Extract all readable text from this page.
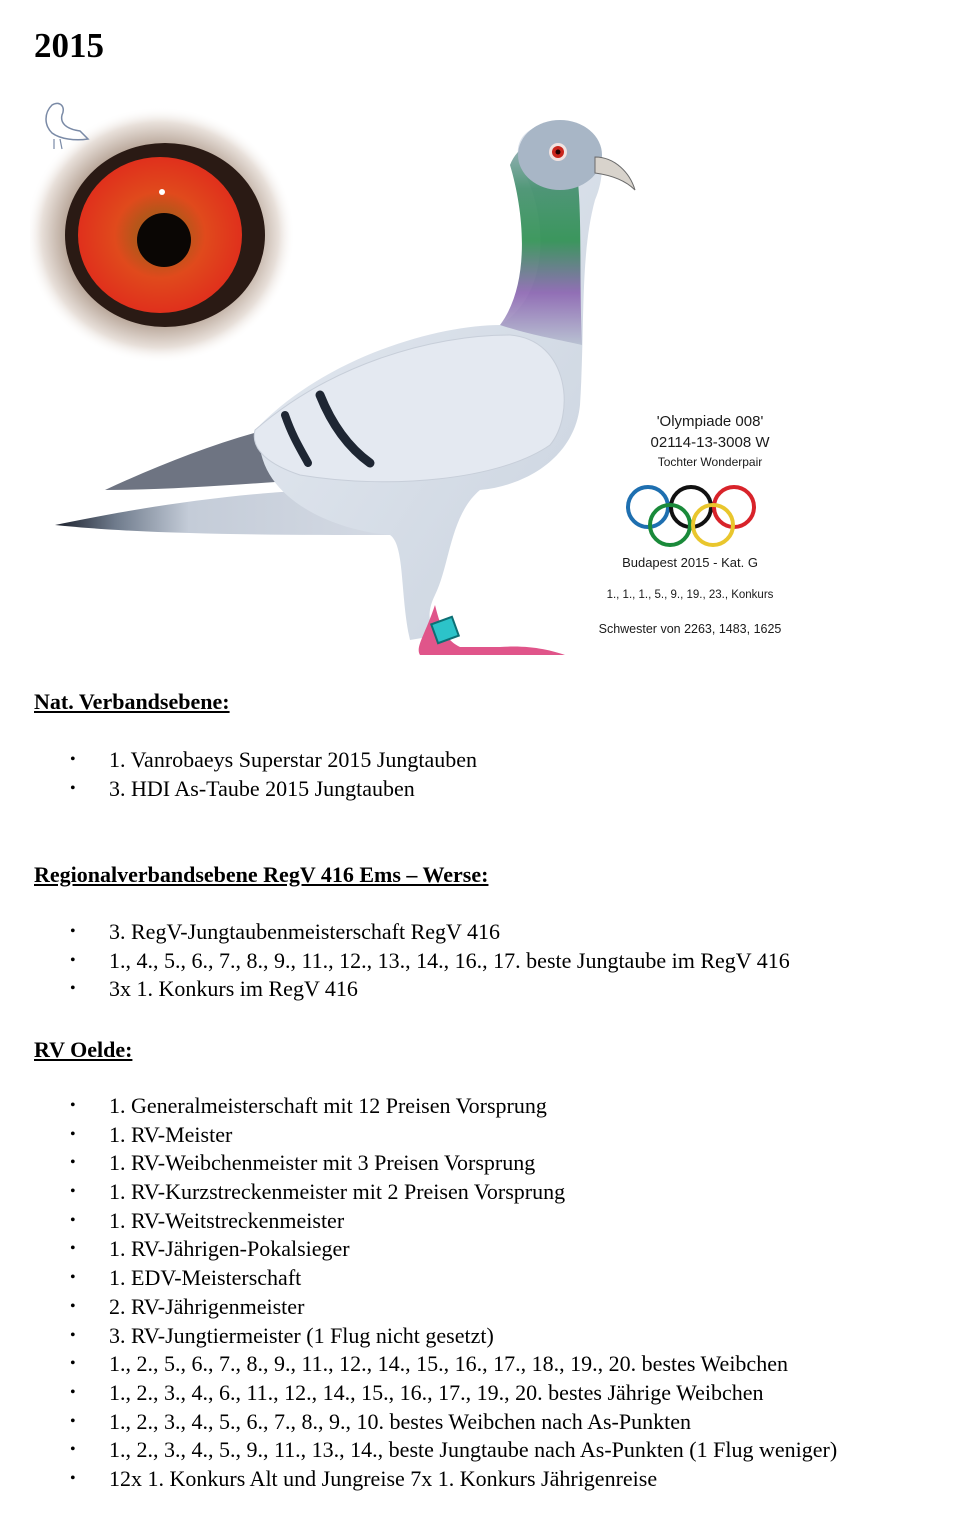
2015
'Olympiade 008'
02114-13-3008 W
Tochter Wonderpair
Budapest 2015 - Kat. G
1., 1., 1., 5., 9., 19., 23., Konkurs
Schwester von 2263, 1483, 1625
Nat. Verbandsebene:
• 1. Vanrobaeys Superstar 2015 Jungtauben
• 3. HDI As-Taube 2015 Jungtauben
Regionalverbandsebene RegV 416 Ems – Werse:
• 3. RegV-Jungtaubenmeisterschaft RegV 416
• 1., 4., 5., 6., 7., 8., 9., 11., 12., 13., 14., 16., 17. beste Jungtaube im RegV 416
• 3x 1. Konkurs im RegV 416
RV Oelde:
• 1. Generalmeisterschaft mit 12 Preisen Vorsprung
• 1. RV-Meister
• 1. RV-Weibchenmeister mit 3 Preisen Vorsprung
• 1. RV-Kurzstreckenmeister mit 2 Preisen Vorsprung
• 1. RV-Weitstreckenmeister
• 1. RV-Jährigen-Pokalsieger
• 1. EDV-Meisterschaft
• 2. RV-Jährigenmeister
• 3. RV-Jungtiermeister (1 Flug nicht gesetzt)
• 1., 2., 5., 6., 7., 8., 9., 11., 12., 14., 15., 16., 17., 18., 19., 20. bestes Weibchen
• 1., 2., 3., 4., 6., 11., 12., 14., 15., 16., 17., 19., 20. bestes Jährige Weibchen
• 1., 2., 3., 4., 5., 6., 7., 8., 9., 10. bestes Weibchen nach As-Punkten
• 1., 2., 3., 4., 5., 9., 11., 13., 14., beste Jungtaube nach As-Punkten (1 Flug weniger)
• 12x 1. Konkurs Alt und Jungreise 7x 1. Konkurs Jährigenreise
